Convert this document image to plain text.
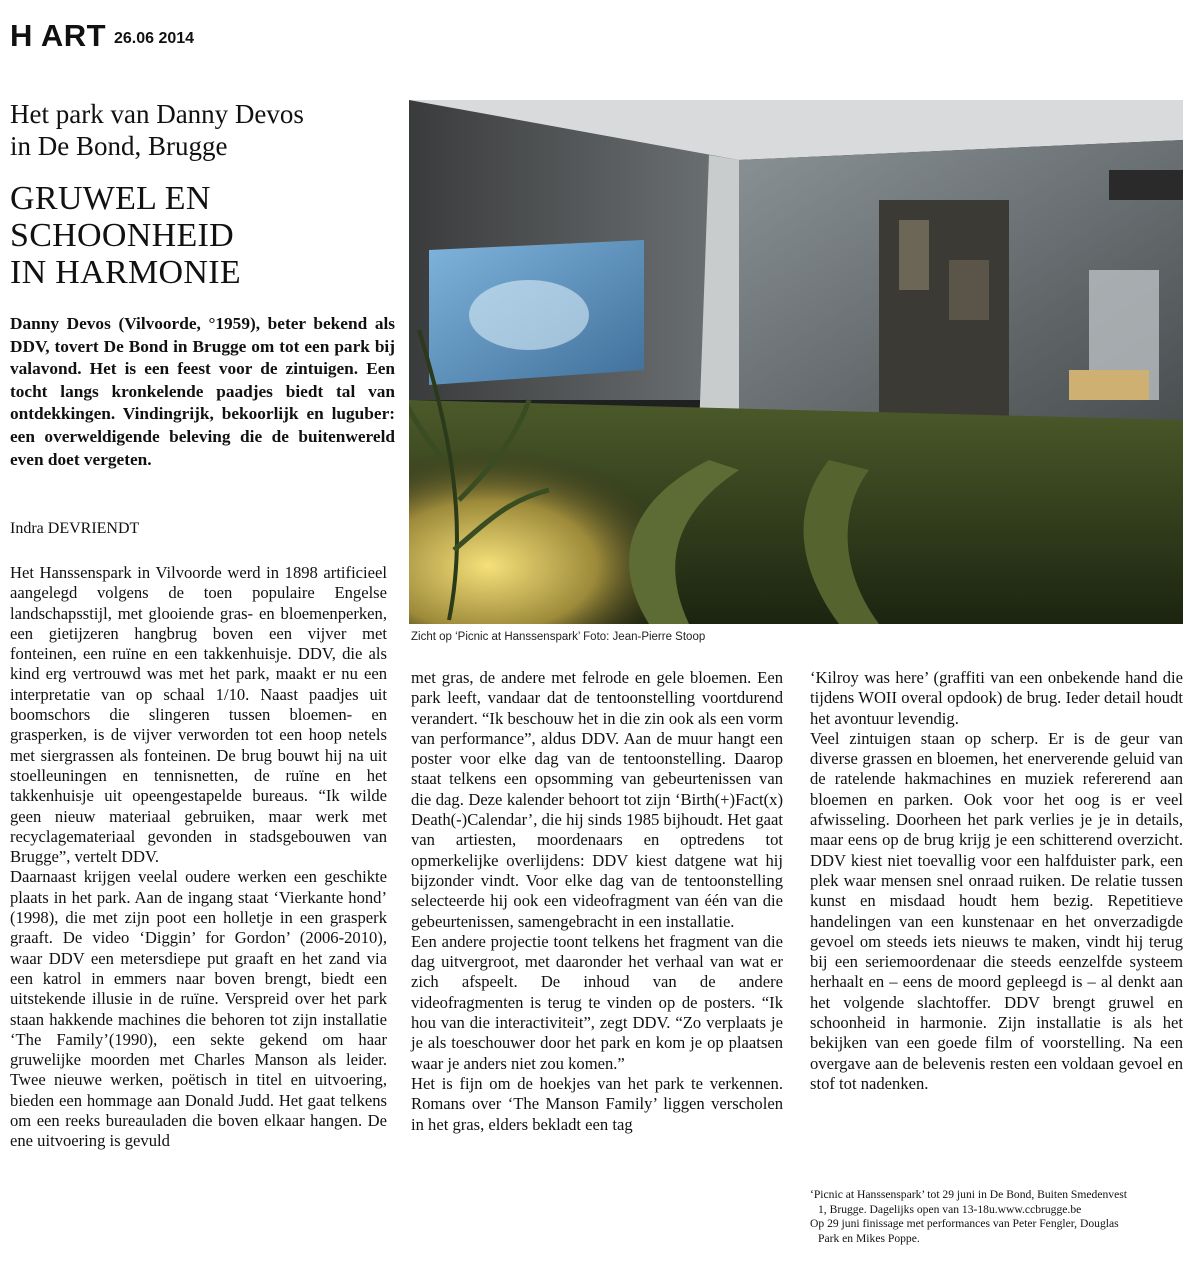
H ART 26.06 2014
Het park van Danny Devos
in De Bond, Brugge
GRUWEL EN
SCHOONHEID
IN HARMONIE
Danny Devos (Vilvoorde, °1959), beter bekend als DDV, tovert De Bond in Brugge om tot een park bij valavond. Het is een feest voor de zintuigen. Een tocht langs kronkelende paadjes biedt tal van ontdekkingen. Vindingrijk, bekoorlijk en luguber: een overweldigende beleving die de buitenwereld even doet vergeten.
Indra DEVRIENDT

Het Hanssenspark in Vilvoorde werd in 1898 artificieel aangelegd volgens de toen populaire Engelse landschapsstijl, met glooiende gras- en bloemenperken, een gietijzeren hangbrug boven een vijver met fonteinen, een ruïne en een takkenhuisje. DDV, die als kind erg vertrouwd was met het park, maakt er nu een interpretatie van op schaal 1/10. Naast paadjes uit boomschors die slingeren tussen bloemen- en grasperken, is de vijver verworden tot een hoop netels met siergrassen als fonteinen. De brug bouwt hij na uit stoelleuningen en tennisnetten, de ruïne en het takkenhuisje uit opeengestapelde bureaus. “Ik wilde geen nieuw materiaal gebruiken, maar werk met recyclagemateriaal gevonden in stadsgebouwen van Brugge”, vertelt DDV.

Daarnaast krijgen veelal oudere werken een geschikte plaats in het park. Aan de ingang staat ‘Vierkante hond’ (1998), die met zijn poot een holletje in een grasperk graaft. De video ‘Diggin’ for Gordon’ (2006-2010), waar DDV een metersdiepe put graaft en het zand via een katrol in emmers naar boven brengt, biedt een uitstekende illusie in de ruïne. Verspreid over het park staan hakkende machines die behoren tot zijn installatie ‘The Family’(1990), een sekte gekend om haar gruwelijke moorden met Charles Manson als leider. Twee nieuwe werken, poëtisch in titel en uitvoering, bieden een hommage aan Donald Judd. Het gaat telkens om een reeks bureauladen die boven elkaar hangen. De ene uitvoering is gevuld

Zicht op ‘Picnic at Hanssenspark’ Foto: Jean-Pierre Stoop

met gras, de andere met felrode en gele bloemen. Een park leeft, vandaar dat de tentoonstelling voortdurend verandert. “Ik beschouw het in die zin ook als een vorm van performance”, aldus DDV. Aan de muur hangt een poster voor elke dag van de tentoonstelling. Daarop staat telkens een opsomming van gebeurtenissen van die dag. Deze kalender behoort tot zijn ‘Birth(+)Fact(x) Death(-)Calendar’, die hij sinds 1985 bijhoudt. Het gaat van artiesten, moordenaars en optredens tot opmerkelijke overlijdens: DDV kiest datgene wat hij bijzonder vindt. Voor elke dag van de tentoonstelling selecteerde hij ook een videofragment van één van die gebeurtenissen, samengebracht in een installatie.

Een andere projectie toont telkens het fragment van die dag uitvergroot, met daaronder het verhaal van wat er zich afspeelt. De inhoud van de andere videofragmenten is terug te vinden op de posters. “Ik hou van die interactiviteit”, zegt DDV. “Zo verplaats je je als toeschouwer door het park en kom je op plaatsen waar je anders niet zou komen.”

Het is fijn om de hoekjes van het park te verkennen. Romans over ‘The Manson Family’ liggen verscholen in het gras, elders bekladt een tag

‘Kilroy was here’ (graffiti van een onbekende hand die tijdens WOII overal opdook) de brug. Ieder detail houdt het avontuur levendig.

Veel zintuigen staan op scherp. Er is de geur van diverse grassen en bloemen, het enerverende geluid van de ratelende hakmachines en muziek refererend aan bloemen en parken. Ook voor het oog is er veel afwisseling. Doorheen het park verlies je je in details, maar eens op de brug krijg je een schitterend overzicht. DDV kiest niet toevallig voor een halfduister park, een plek waar mensen snel onraad ruiken. De relatie tussen kunst en misdaad houdt hem bezig. Repetitieve handelingen van een kunstenaar en het onverzadigde gevoel om steeds iets nieuws te maken, vindt hij terug bij een seriemoordenaar die steeds eenzelfde systeem herhaalt en – eens de moord gepleegd is – al denkt aan het volgende slachtoffer. DDV brengt gruwel en schoonheid in harmonie. Zijn installatie is als het bekijken van een goede film of voorstelling. Na een overgave aan de belevenis resten een voldaan gevoel en stof tot nadenken.

‘Picnic at Hanssenspark’ tot 29 juni in De Bond, Buiten Smedenvest
1, Brugge. Dagelijks open van 13-18u.www.ccbrugge.be
Op 29 juni finissage met performances van Peter Fengler, Douglas
Park en Mikes Poppe.
